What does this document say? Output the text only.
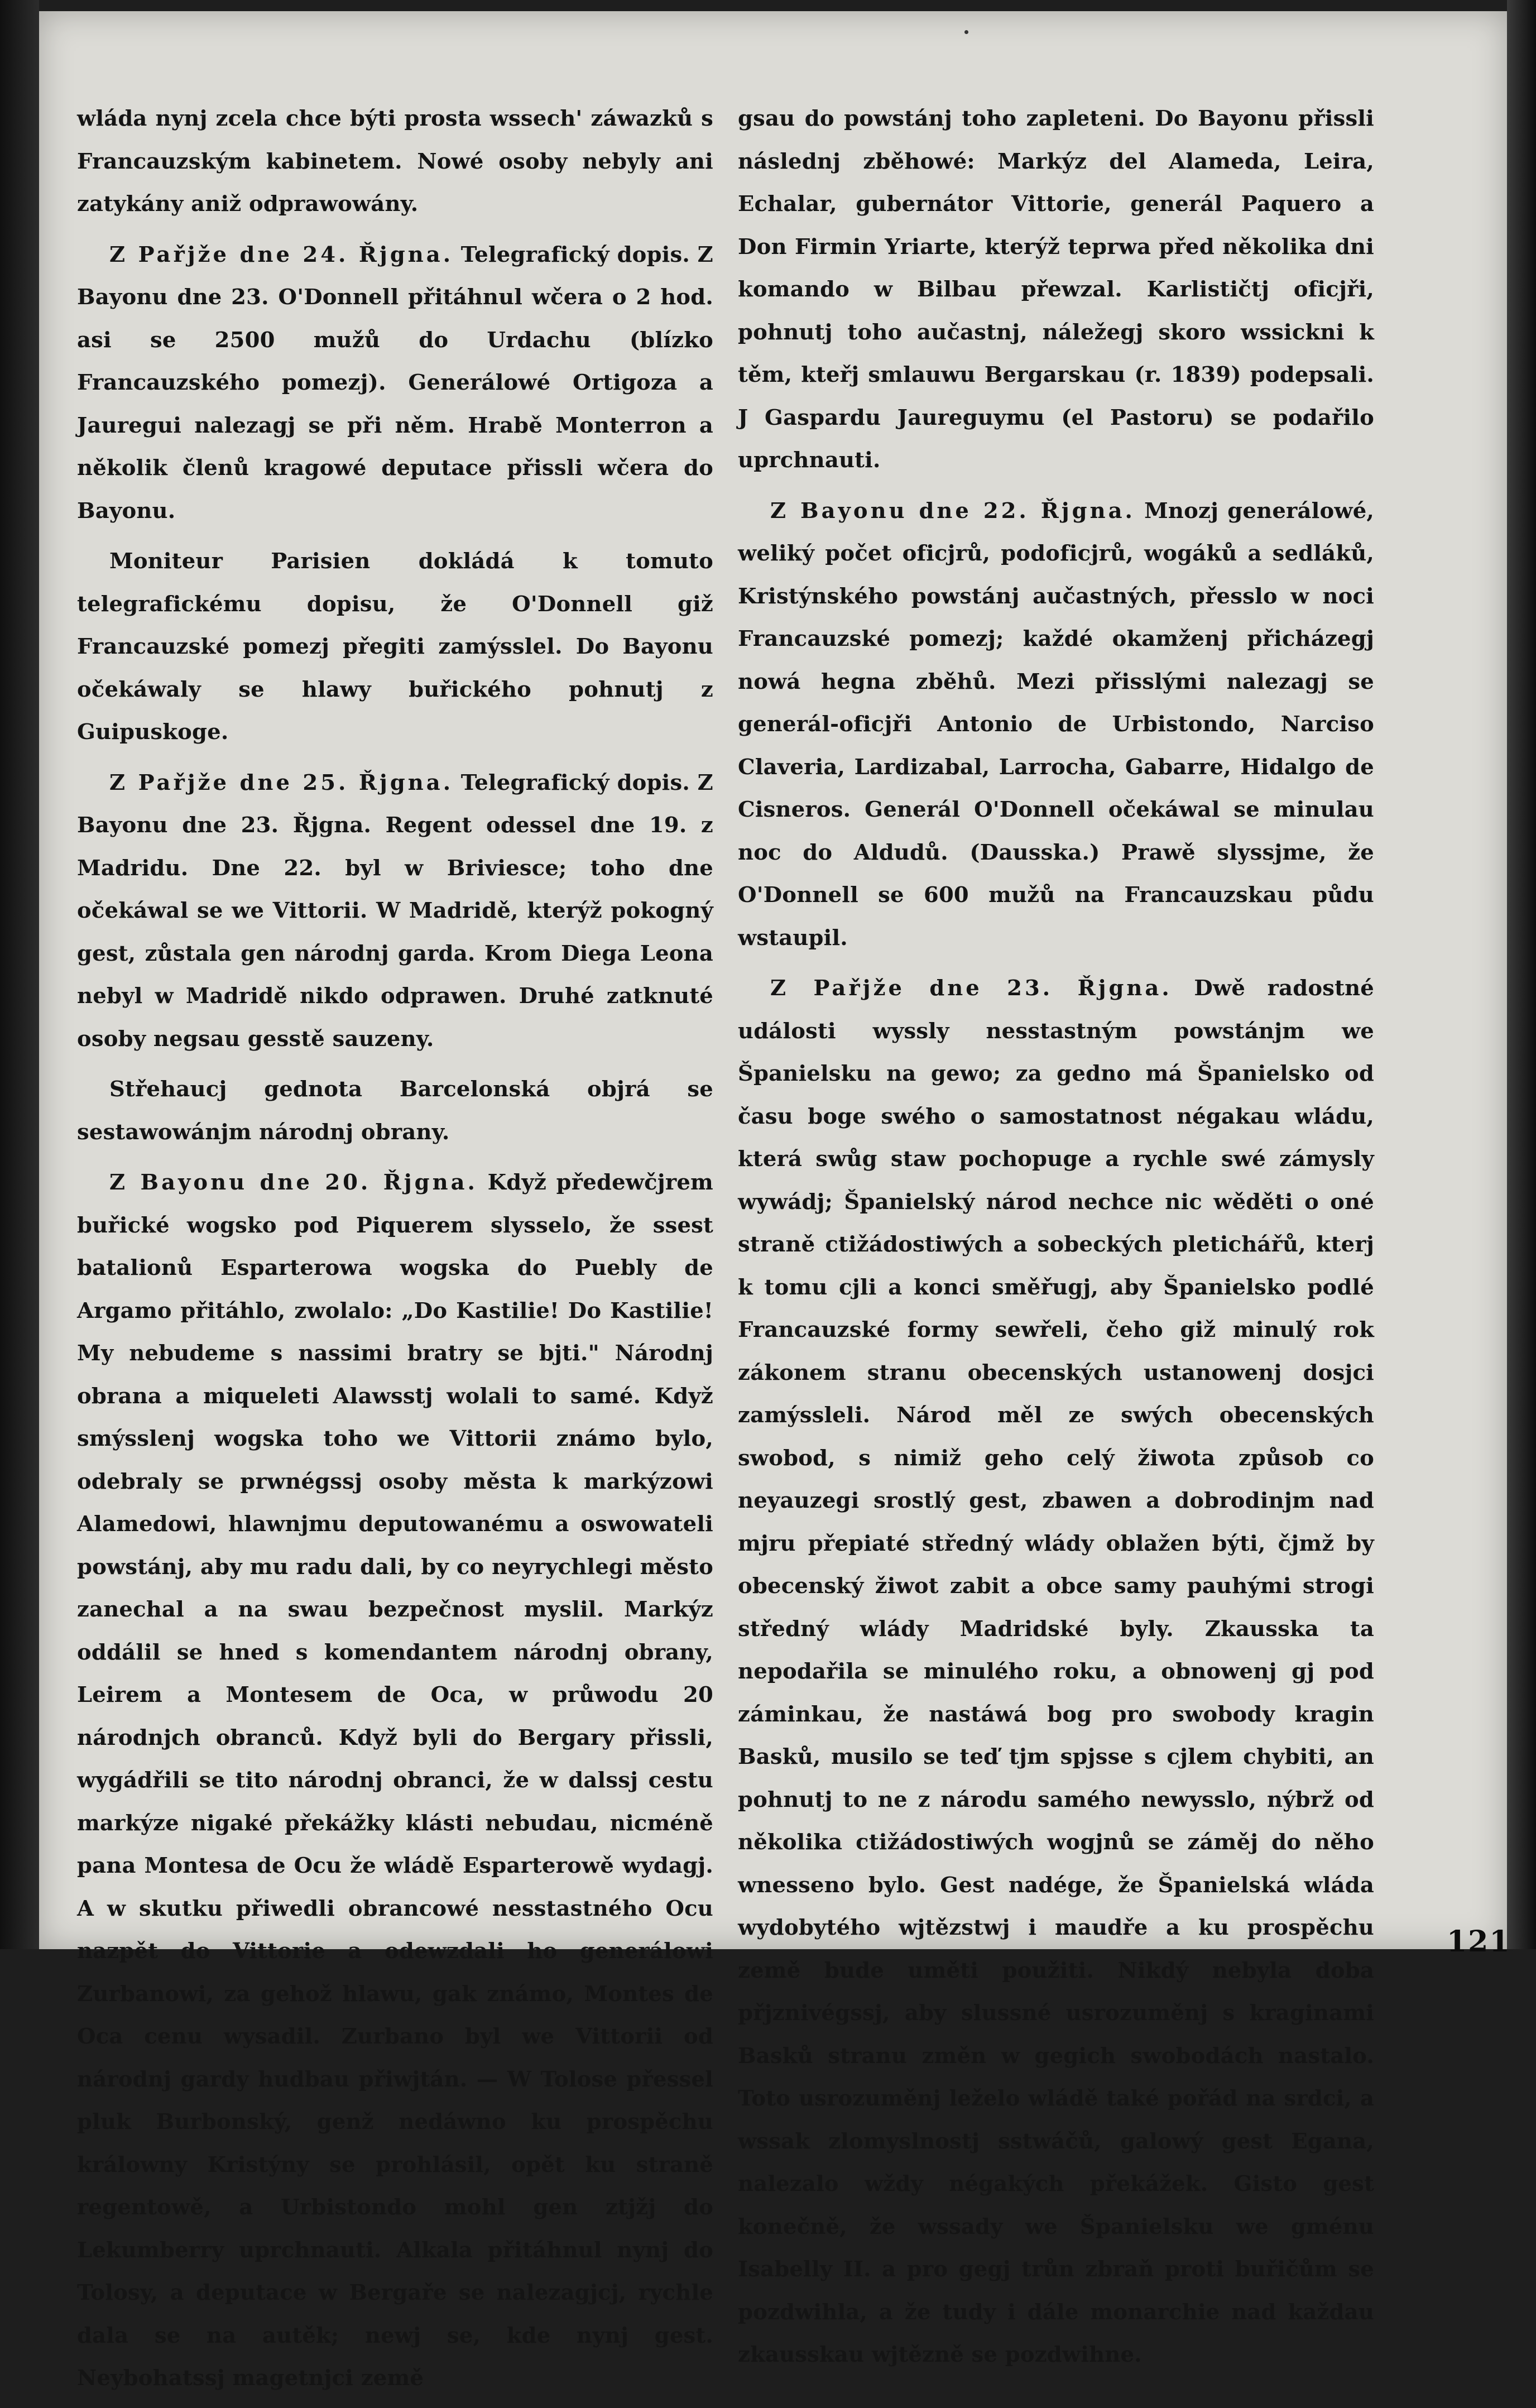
wláda nynj zcela chce býti prosta wssech' záwazků s Francauzským kabinetem. Nowé osoby nebyly ani zatykány aniž odprawowány.

Z Pařjže dne 24. Řjgna. Telegrafický dopis. Z Bayonu dne 23. O'Donnell přitáhnul wčera o 2 hod. asi se 2500 mužů do Urdachu (blízko Francauzského pomezj). Generálowé Ortigoza a Jauregui nalezagj se při něm. Hrabě Monterron a několik členů kragowé deputace přissli wčera do Bayonu.

Moniteur Parisien dokládá k tomuto telegrafickému dopisu, že O'Donnell giž Francauzské pomezj přegiti zamýsslel. Do Bayonu očekáwaly se hlawy buřického pohnutj z Guipuskoge.

Z Pařjže dne 25. Řjgna. Telegrafický dopis. Z Bayonu dne 23. Řjgna. Regent odessel dne 19. z Madridu. Dne 22. byl w Briviesce; toho dne očekáwal se we Vittorii. W Madridě, kterýž pokogný gest, zůstala gen národnj garda. Krom Diega Leona nebyl w Madridě nikdo odprawen. Druhé zatknuté osoby negsau gesstě sauzeny.

Střehaucj gednota Barcelonská objrá se sestawowánjm národnj obrany.

Z Bayonu dne 20. Řjgna. Když předewčjrem buřické wogsko pod Piquerem slysselo, že ssest batalionů Esparterowa wogska do Puebly de Argamo přitáhlo, zwolalo: „Do Kastilie! Do Kastilie! My nebudeme s nassimi bratry se bjti." Národnj obrana a miqueleti Alawsstj wolali to samé. Když smýsslenj wogska toho we Vittorii známo bylo, odebraly se prwnégssj osoby města k markýzowi Alamedowi, hlawnjmu deputowanému a oswowateli powstánj, aby mu radu dali, by co neyrychlegi město zanechal a na swau bezpečnost myslil. Markýz oddálil se hned s komendantem národnj obrany, Leirem a Montesem de Oca, w průwodu 20 národnjch obranců. Když byli do Bergary přissli, wygádřili se tito národnj obranci, že w dalssj cestu markýze nigaké překážky klásti nebudau, nicméně pana Montesa de Ocu že wládě Esparterowě wydagj. A w skutku přiwedli obrancowé nesstastného Ocu nazpět do Vittorie a odewzdali ho generálowi Zurbanowi, za gehož hlawu, gak známo, Montes de Oca cenu wysadil. Zurbano byl we Vittorii od národnj gardy hudbau přiwjtán. — W Tolose přessel pluk Burbonský, genž nedáwno ku prospěchu králowny Kristýny se prohlásil, opět ku straně regentowě, a Urbistondo mohl gen ztjžj do Lekumberry uprchnauti. Alkala přitáhnul nynj do Tolosy, a deputace w Bergaře se nalezagjcj, rychle dala se na autěk; newj se, kde nynj gest. Neybohatssj magetnjci země

gsau do powstánj toho zapleteni. Do Bayonu přissli následnj zběhowé: Markýz del Alameda, Leira, Echalar, gubernátor Vittorie, generál Paquero a Don Firmin Yriarte, kterýž teprwa před několika dni komando w Bilbau přewzal. Karlističtj oficjři, pohnutj toho aučastnj, náležegj skoro wssickni k těm, kteřj smlauwu Bergarskau (r. 1839) podepsali. J Gaspardu Jaureguymu (el Pastoru) se podařilo uprchnauti.

Z Bayonu dne 22. Řjgna. Mnozj generálowé, weliký počet oficjrů, podoficjrů, wogáků a sedláků, Kristýnského powstánj aučastných, přesslo w noci Francauzské pomezj; každé okamženj přicházegj nowá hegna zběhů. Mezi přisslými nalezagj se generál-oficjři Antonio de Urbistondo, Narciso Claveria, Lardizabal, Larrocha, Gabarre, Hidalgo de Cisneros. Generál O'Donnell očekáwal se minulau noc do Aldudů. (Dausska.) Prawě slyssjme, že O'Donnell se 600 mužů na Francauzskau půdu wstaupil.

Z Pařjže dne 23. Řjgna. Dwě radostné události wyssly nesstastným powstánjm we Španielsku na gewo; za gedno má Španielsko od času boge swého o samostatnost négakau wládu, která swůg staw pochopuge a rychle swé zámysly wywádj; Španielský národ nechce nic wěděti o oné straně ctižádostiwých a sobeckých pletichářů, kterj k tomu cjli a konci směřugj, aby Španielsko podlé Francauzské formy sewřeli, čeho giž minulý rok zákonem stranu obecenských ustanowenj dosjci zamýssleli. Národ měl ze swých obecenských swobod, s nimiž geho celý žiwota způsob co neyauzegi srostlý gest, zbawen a dobrodinjm nad mjru přepiaté středný wlády oblažen býti, čjmž by obecenský žiwot zabit a obce samy pauhými strogi středný wlády Madridské byly. Zkausska ta nepodařila se minulého roku, a obnowenj gj pod záminkau, že nastáwá bog pro swobody kragin Basků, musilo se teď tjm spjsse s cjlem chybiti, an pohnutj to ne z národu samého newysslo, nýbrž od několika ctižádostiwých wogjnů se záměj do něho wnesseno bylo. Gest nadége, že Španielská wláda wydobytého wjtězstwj i maudře a ku prospěchu země bude uměti použiti. Nikdý nebyla doba přjznivégssj, aby slussné usrozuměnj s kraginami Basků stranu změn w gegich swobodách nastalo. Toto usrozuměnj leželo wládě také pořád na srdci, a wssak zlomyslnostj sstwáčů, galowý gest Egana, nalezalo wždy négakých překážek. Gisto gest konečně, že wssady we Španielsku we gménu Isabelly II. a pro gegj trůn zbraň proti buřičům se pozdwihla, a že tudy i dále monarchie nad každau zkausskau wjtězně se pozdwihne.

121
